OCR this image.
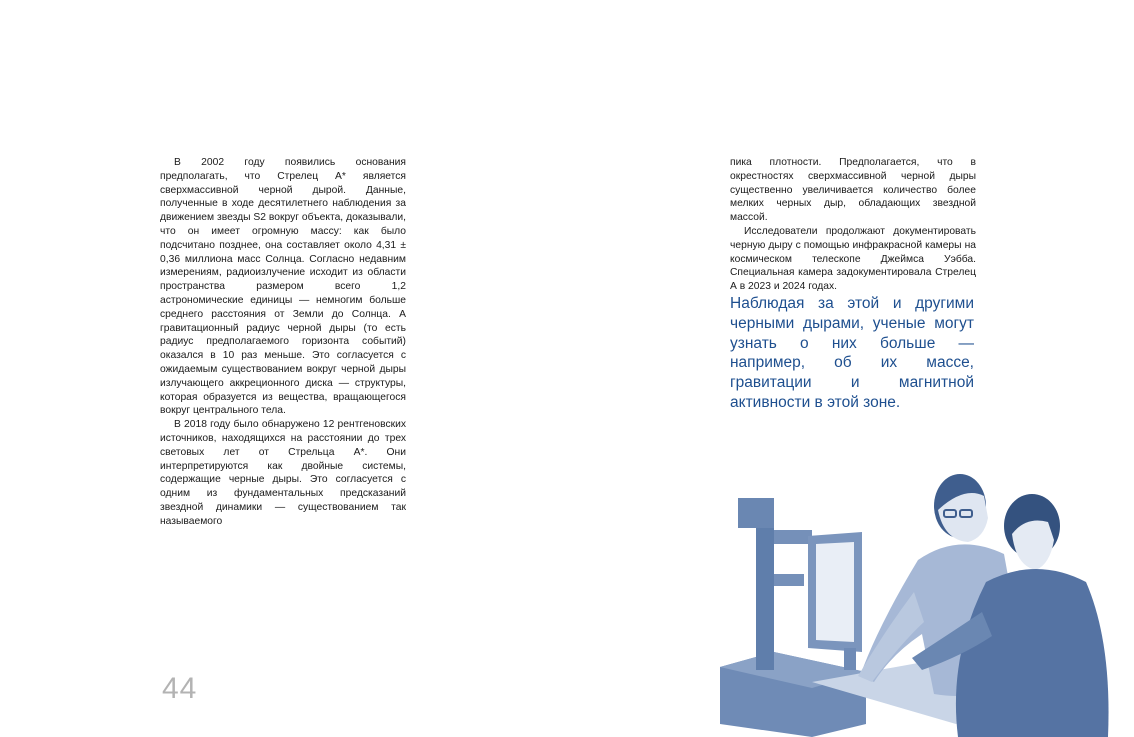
В 2002 году появились основания предполагать, что Стрелец А* является сверхмассивной черной дырой. Данные, полученные в ходе десятилетнего наблюдения за движением звезды S2 вокруг объекта, доказывали, что он имеет огромную массу: как было подсчитано позднее, она составляет около 4,31 ± 0,36 миллиона масс Солнца. Согласно недавним измерениям, радиоизлучение исходит из области пространства размером всего 1,2 астрономические единицы — немногим больше среднего расстояния от Земли до Солнца. А гравитационный радиус черной дыры (то есть радиус предполагаемого горизонта событий) оказался в 10 раз меньше. Это согласуется с ожидаемым существованием вокруг черной дыры излучающего аккреционного диска — структуры, которая образуется из вещества, вращающегося вокруг центрального тела.

В 2018 году было обнаружено 12 рентгеновских источников, находящихся на расстоянии до трех световых лет от Стрельца А*. Они интерпретируются как двойные системы, содержащие черные дыры. Это согласуется с одним из фундаментальных предсказаний звездной динамики — существованием так называемого

44

пика плотности. Предполагается, что в окрестностях сверхмассивной черной дыры существенно увеличивается количество более мелких черных дыр, обладающих звездной массой.

Исследователи продолжают документировать черную дыру с помощью инфракрасной камеры на космическом телескопе Джеймса Уэбба. Специальная камера задокументировала Стрелец А в 2023 и 2024 годах.

Наблюдая за этой и другими черными дырами, ученые могут узнать о них больше — например, об их массе, гравитации и магнитной активности в этой зоне.
